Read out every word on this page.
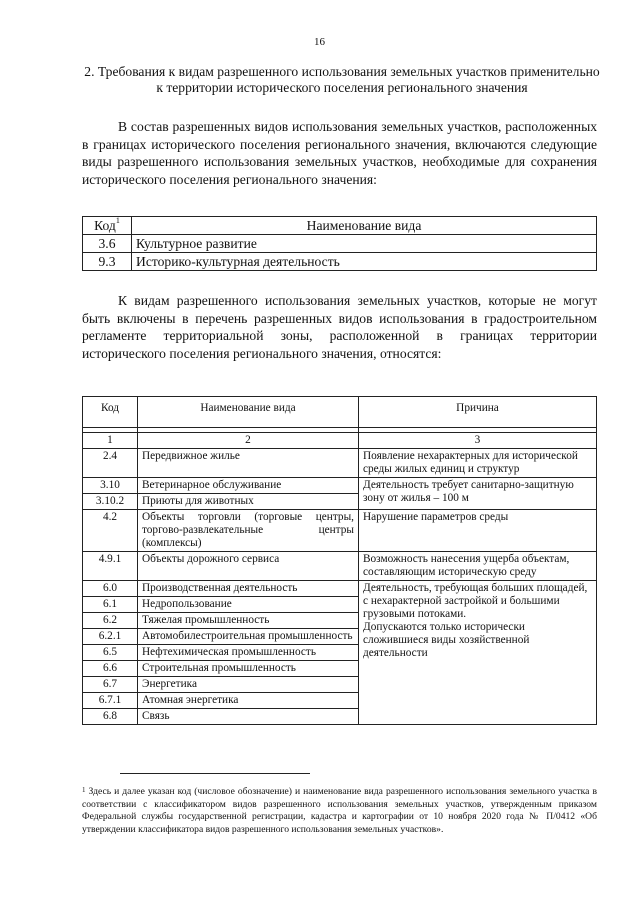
16
2. Требования к видам разрешенного использования земельных участков применительно к территории исторического поселения регионального значения

В состав разрешенных видов использования земельных участков, расположенных в границах исторического поселения регионального значения, включаются следующие виды разрешенного использования земельных участков, необходимые для сохранения исторического поселения регионального значения:

Код$^1$	Наименование вида
3.6	Культурное развитие
9.3	Историко-культурная деятельность

К видам разрешенного использования земельных участков, которые не могут быть включены в перечень разрешенных видов использования в градостроительном регламенте территориальной зоны, расположенной в границах территории исторического поселения регионального значения, относятся:

Код	Наименование вида	Причина

1	2	3
2.4	Передвижное жилье	Появление нехарактерных для исторической среды жилых единиц и структур
3.10	Ветеринарное обслуживание	Деятельность требует санитарно-защитную зону от жилья – 100 м
3.10.2	Приюты для животных	
4.2	Объекты торговли (торговые центры, торгово-развлекательные центры (комплексы)	Нарушение параметров среды
4.9.1	Объекты дорожного сервиса	Возможность нанесения ущерба объектам, составляющим историческую среду
6.0	Производственная деятельность	Деятельность, требующая больших площадей, с нехарактерной застройкой и большими грузовыми потоками.
Допускаются только исторически сложившиеся виды хозяйственной деятельности

6.1	Недропользование	
6.2	Тяжелая промышленность	
6.2.1	Автомобилестроительная промышленность	
6.5	Нефтехимическая промышленность	
6.6	Строительная промышленность	
6.7	Энергетика	
6.7.1	Атомная энергетика	
6.8	Связь	

$^1$ Здесь и далее указан код (числовое обозначение) и наименование вида разрешенного использования земельного участка в соответствии с классификатором видов разрешенного использования земельных участков, утвержденным приказом Федеральной службы государственной регистрации, кадастра и картографии от 10 ноября 2020 года № П/0412 «Об утверждении классификатора видов разрешенного использования земельных участков».
